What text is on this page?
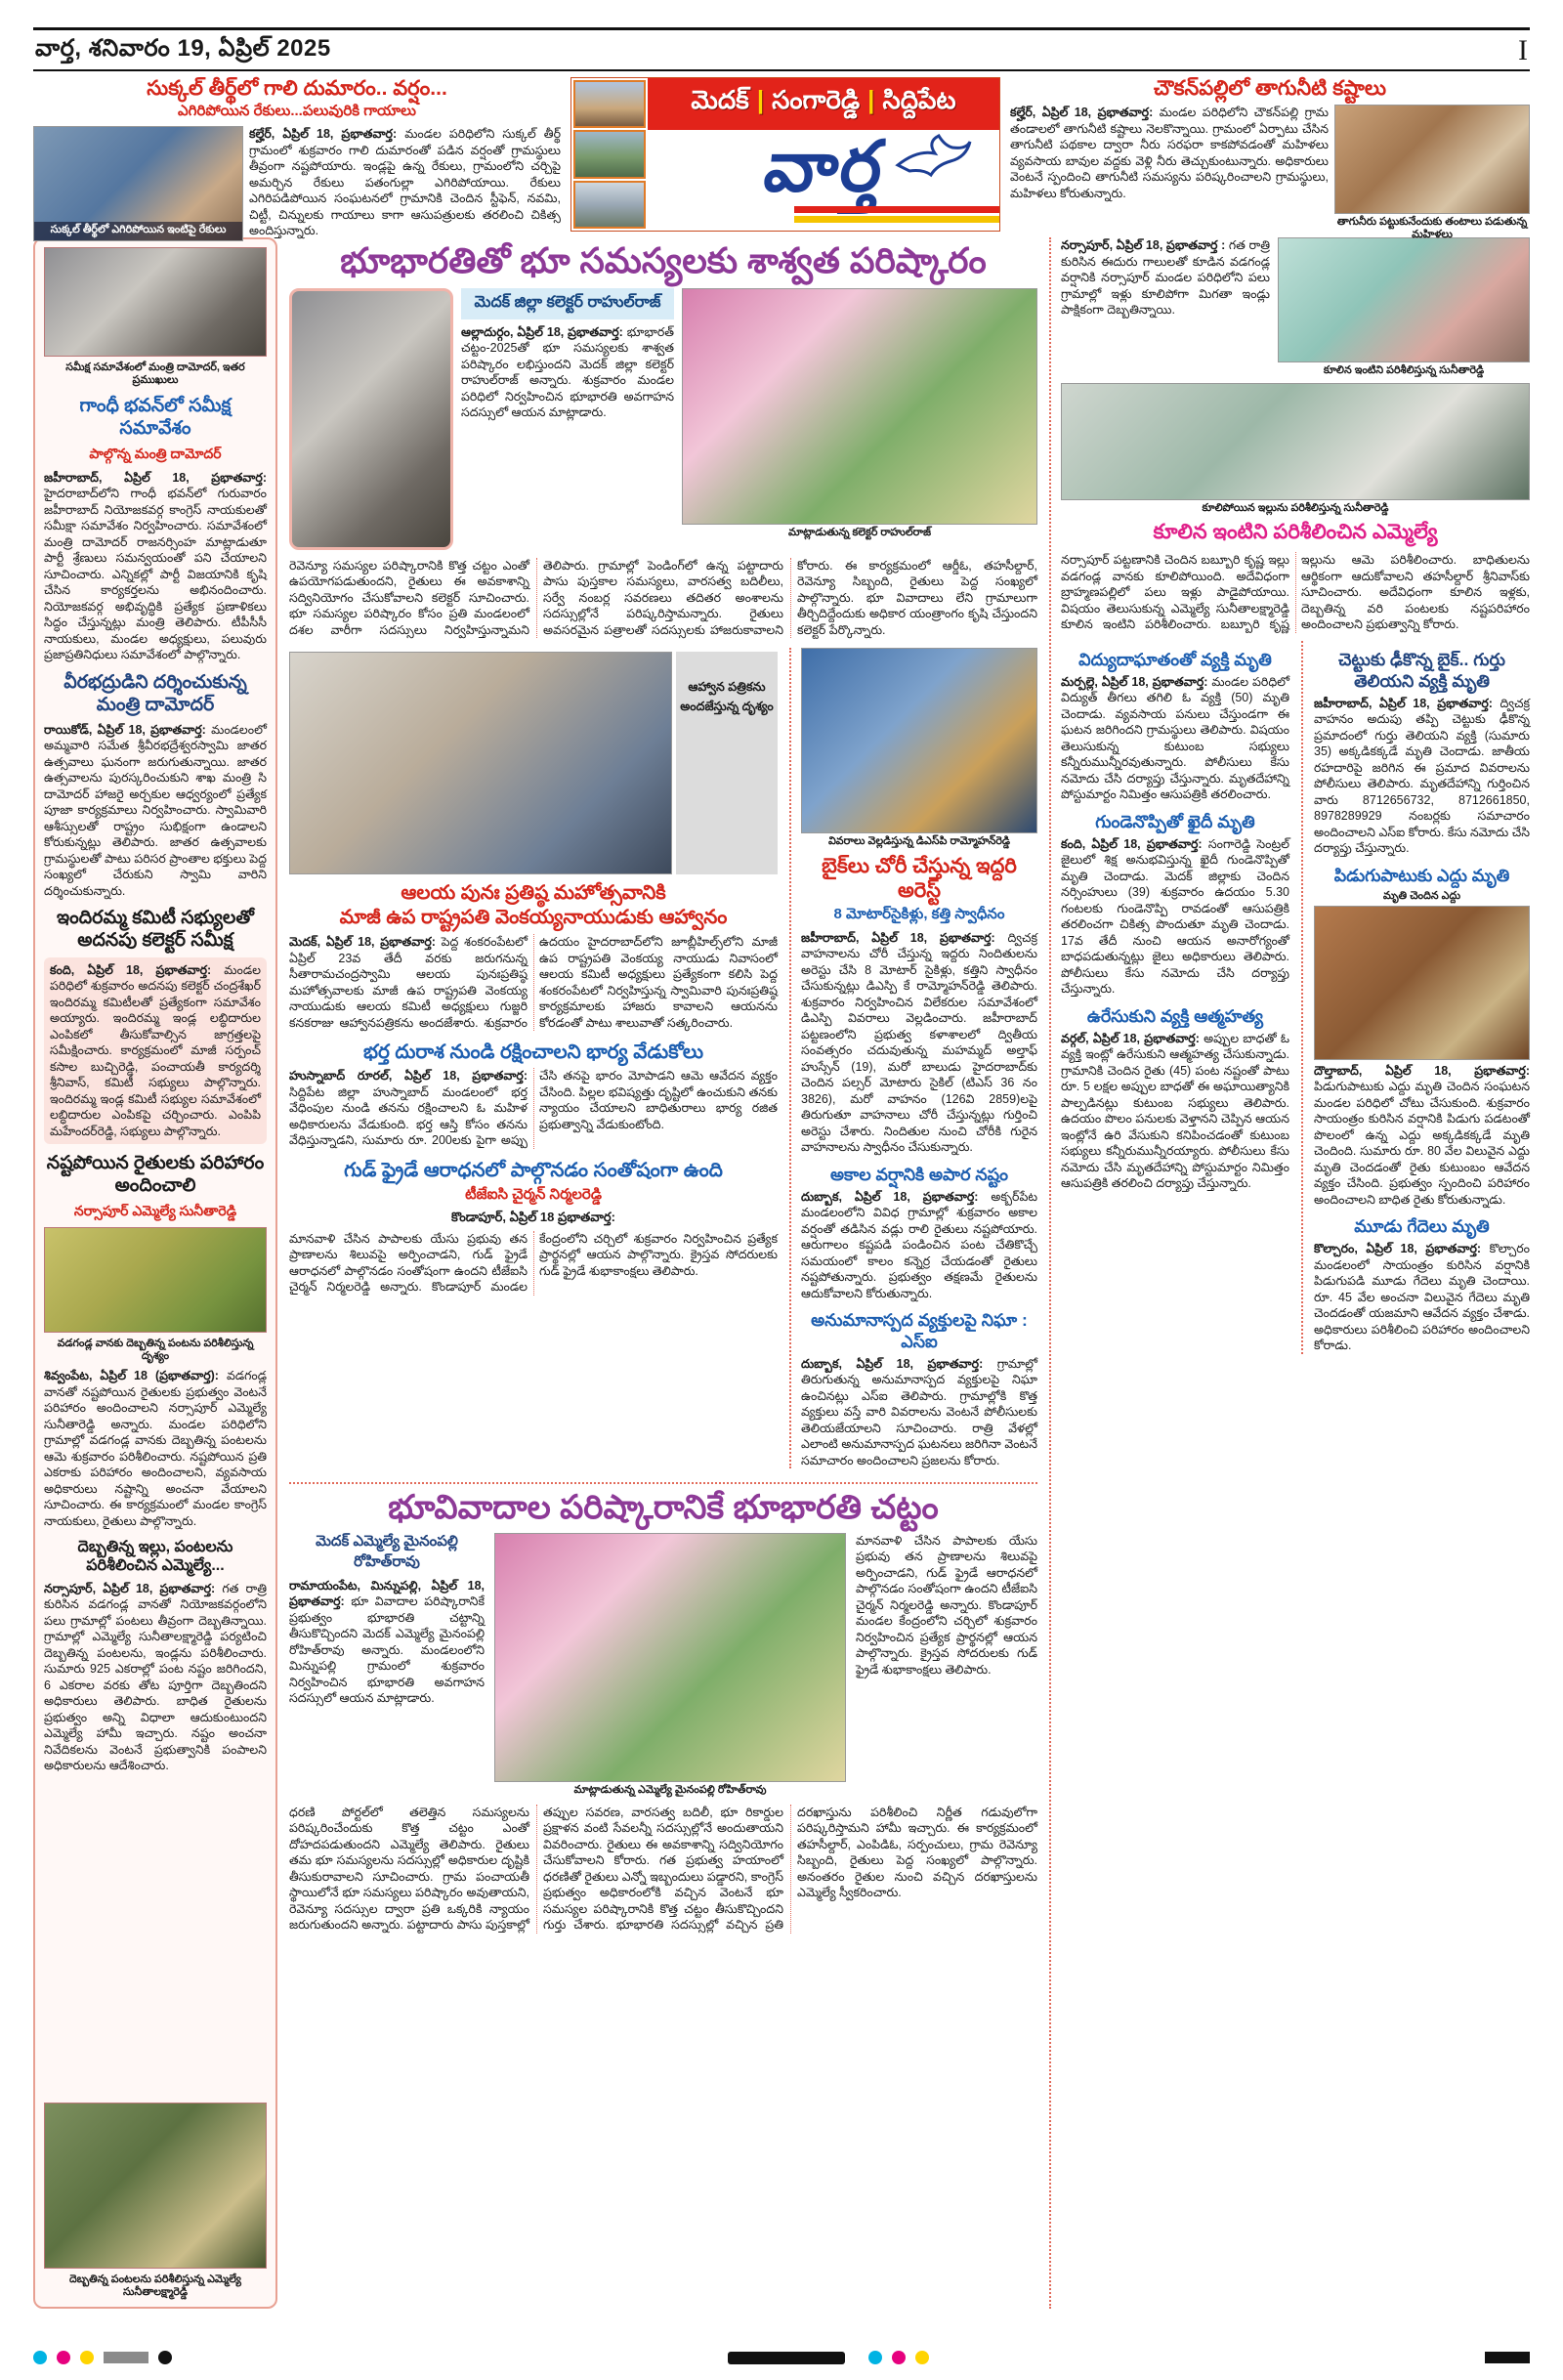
వార్త, శనివారం 19, ఏప్రిల్ 2025	I
సుక్కల్ తీర్థ్‌లో గాలి దుమారం.. వర్షం...
ఎగిరిపోయిన రేకులు...పలువురికి గాయాలు
సుక్కల్ తీర్థ్‌లో ఎగిరిపోయిన ఇంటిపై రేకులు
కల్హేర్, ఏప్రిల్ 18, ప్రభాతవార్త: మండల పరిధిలోని సుక్కల్ తీర్థ్ గ్రామంలో శుక్రవారం గాలి దుమారంతో పడిన వర్షంతో గ్రామస్థులు తీవ్రంగా నష్టపోయారు. ఇండ్లపై ఉన్న రేకులు, గ్రామంలోని చర్చిపై అమర్చిన రేకులు పతంగుల్లా ఎగిరిపోయాయి. రేకులు ఎగిరిపడిపోయిన సంఘటనలో గ్రామానికి చెందిన స్టీఫెన్, నవమి, చిట్టీ, చిన్నులకు గాయాలు కాగా ఆసుపత్రులకు తరలించి చికిత్స అందిస్తున్నారు.
మెదక్ | సంగారెడ్డి | సిద్దిపేట
వార్త
చౌకన్‌పల్లిలో తాగునీటి కష్టాలు
కల్హేర్, ఏప్రిల్ 18, ప్రభాతవార్త: మండల పరిధిలోని చౌకన్‌పల్లి గ్రామ తండాలలో తాగునీటి కష్టాలు నెలకొన్నాయి. గ్రామంలో ఏర్పాటు చేసిన తాగునీటి పథకాల ద్వారా నీరు సరఫరా కాకపోవడంతో మహిళలు వ్యవసాయ బావుల వద్దకు వెళ్లి నీరు తెచ్చుకుంటున్నారు. అధికారులు వెంటనే స్పందించి తాగునీటి సమస్యను పరిష్కరించాలని గ్రామస్థులు, మహిళలు కోరుతున్నారు.
తాగునీరు పట్టుకునేందుకు తంటాలు పడుతున్న మహిళలు
సమీక్ష సమావేశంలో మంత్రి దామోదర్, ఇతర ప్రముఖులు
గాంధీ భవన్‌లో సమీక్ష సమావేశం
పాల్గొన్న మంత్రి దామోదర్
జహీరాబాద్, ఏప్రిల్ 18, ప్రభాతవార్త: హైదరాబాద్‌లోని గాంధీ భవన్‌లో గురువారం జహీరాబాద్ నియోజకవర్గ కాంగ్రెస్ నాయకులతో సమీక్షా సమావేశం నిర్వహించారు. సమావేశంలో మంత్రి దామోదర్ రాజనర్సింహ మాట్లాడుతూ పార్టీ శ్రేణులు సమన్వయంతో పని చేయాలని సూచించారు. ఎన్నికల్లో పార్టీ విజయానికి కృషి చేసిన కార్యకర్తలను అభినందించారు. నియోజకవర్గ అభివృద్ధికి ప్రత్యేక ప్రణాళికలు సిద్ధం చేస్తున్నట్లు మంత్రి తెలిపారు. టీపీసీసీ నాయకులు, మండల అధ్యక్షులు, పలువురు ప్రజాప్రతినిధులు సమావేశంలో పాల్గొన్నారు.
వీరభద్రుడిని దర్శించుకున్న మంత్రి దామోదర్
రాయికోడ్, ఏప్రిల్ 18, ప్రభాతవార్త: మండలంలో అమ్మవారి సమేత శ్రీవీరభద్రేశ్వరస్వామి జాతర ఉత్సవాలు ఘనంగా జరుగుతున్నాయి. జాతర ఉత్సవాలను పురస్కరించుకుని శాఖ మంత్రి సి దామోదర్ హాజరై అర్చకుల ఆధ్వర్యంలో ప్రత్యేక పూజా కార్యక్రమాలు నిర్వహించారు. స్వామివారి ఆశీస్సులతో రాష్ట్రం సుభిక్షంగా ఉండాలని కోరుకున్నట్లు తెలిపారు. జాతర ఉత్సవాలకు గ్రామస్థులతో పాటు పరిసర ప్రాంతాల భక్తులు పెద్ద సంఖ్యలో చేరుకుని స్వామి వారిని దర్శించుకున్నారు.
ఇందిరమ్మ కమిటీ సభ్యులతో అదనపు కలెక్టర్ సమీక్ష
కంది, ఏప్రిల్ 18, ప్రభాతవార్త: మండల పరిధిలో శుక్రవారం అదనపు కలెక్టర్ చంద్రశేఖర్ ఇందిరమ్మ కమిటీలతో ప్రత్యేకంగా సమావేశం అయ్యారు. ఇందిరమ్మ ఇండ్ల లబ్ధిదారుల ఎంపికలో తీసుకోవాల్సిన జాగ్రత్తలపై సమీక్షించారు. కార్యక్రమంలో మాజీ సర్పంచ్ కసాల బుచ్చిరెడ్డి, పంచాయతీ కార్యదర్శి శ్రీనివాస్, కమిటీ సభ్యులు పాల్గొన్నారు. ఇందిరమ్మ ఇండ్ల కమిటీ సభ్యుల సమావేశంలో లబ్ధిదారుల ఎంపికపై చర్చించారు. ఎంపిపి మహేందర్‌రెడ్డి, సభ్యులు పాల్గొన్నారు.
నష్టపోయిన రైతులకు పరిహారం అందించాలి
నర్సాపూర్ ఎమ్మెల్యే సునీతారెడ్డి
వడగండ్ల వానకు దెబ్బతిన్న పంటను పరిశీలిస్తున్న దృశ్యం
శివ్వంపేట, ఏప్రిల్ 18 (ప్రభాతవార్త): వడగండ్ల వానతో నష్టపోయిన రైతులకు ప్రభుత్వం వెంటనే పరిహారం అందించాలని నర్సాపూర్ ఎమ్మెల్యే సునీతారెడ్డి అన్నారు. మండల పరిధిలోని గ్రామాల్లో వడగండ్ల వానకు దెబ్బతిన్న పంటలను ఆమె శుక్రవారం పరిశీలించారు. నష్టపోయిన ప్రతి ఎకరాకు పరిహారం అందించాలని, వ్యవసాయ అధికారులు నష్టాన్ని అంచనా వేయాలని సూచించారు. ఈ కార్యక్రమంలో మండల కాంగ్రెస్ నాయకులు, రైతులు పాల్గొన్నారు.
దెబ్బతిన్న ఇల్లు, పంటలను పరిశీలించిన ఎమ్మెల్యే...
నర్సాపూర్, ఏప్రిల్ 18, ప్రభాతవార్త: గత రాత్రి కురిసిన వడగండ్ల వానతో నియోజకవర్గంలోని పలు గ్రామాల్లో పంటలు తీవ్రంగా దెబ్బతిన్నాయి. గ్రామాల్లో ఎమ్మెల్యే సునీతాలక్ష్మారెడ్డి పర్యటించి దెబ్బతిన్న పంటలను, ఇండ్లను పరిశీలించారు. సుమారు 925 ఎకరాల్లో పంట నష్టం జరిగిందని, 6 ఎకరాల వరకు తోట పూర్తిగా దెబ్బతిందని అధికారులు తెలిపారు. బాధిత రైతులను ప్రభుత్వం అన్ని విధాలా ఆదుకుంటుందని ఎమ్మెల్యే హామీ ఇచ్చారు. నష్టం అంచనా నివేదికలను వెంటనే ప్రభుత్వానికి పంపాలని అధికారులను ఆదేశించారు.
దెబ్బతిన్న పంటలను పరిశీలిస్తున్న ఎమ్మెల్యే సునీతాలక్ష్మారెడ్డి
భూభారతితో భూ సమస్యలకు శాశ్వత పరిష్కారం
మెదక్ జిల్లా కలెక్టర్ రాహుల్‌రాజ్
ఆల్లాదుర్గం, ఏప్రిల్ 18, ప్రభాతవార్త: భూభారత్ చట్టం-2025తో భూ సమస్యలకు శాశ్వత పరిష్కారం లభిస్తుందని మెదక్ జిల్లా కలెక్టర్ రాహుల్‌రాజ్ అన్నారు. శుక్రవారం మండల పరిధిలో నిర్వహించిన భూభారతి అవగాహన సదస్సులో ఆయన మాట్లాడారు.
మాట్లాడుతున్న కలెక్టర్ రాహుల్‌రాజ్
రెవెన్యూ సమస్యల పరిష్కారానికి కొత్త చట్టం ఎంతో ఉపయోగపడుతుందని, రైతులు ఈ అవకాశాన్ని సద్వినియోగం చేసుకోవాలని కలెక్టర్ సూచించారు. భూ సమస్యల పరిష్కారం కోసం ప్రతి మండలంలో దశల వారీగా సదస్సులు నిర్వహిస్తున్నామని తెలిపారు. గ్రామాల్లో పెండింగ్‌లో ఉన్న పట్టాదారు పాసు పుస్తకాల సమస్యలు, వారసత్వ బదిలీలు, సర్వే నంబర్ల సవరణలు తదితర అంశాలను సదస్సుల్లోనే పరిష్కరిస్తామన్నారు. రైతులు అవసరమైన పత్రాలతో సదస్సులకు హాజరుకావాలని కోరారు. ఈ కార్యక్రమంలో ఆర్డీఓ, తహసీల్దార్, రెవెన్యూ సిబ్బంది, రైతులు పెద్ద సంఖ్యలో పాల్గొన్నారు. భూ వివాదాలు లేని గ్రామాలుగా తీర్చిదిద్దేందుకు అధికార యంత్రాంగం కృషి చేస్తుందని కలెక్టర్ పేర్కొన్నారు.
ఆహ్వాన పత్రికను అందజేస్తున్న దృశ్యం
ఆలయ పునః ప్రతిష్ఠ మహోత్సవానికి
మాజీ ఉప రాష్ట్రపతి వెంకయ్యనాయుడుకు ఆహ్వానం
మెదక్, ఏప్రిల్ 18, ప్రభాతవార్త: పెద్ద శంకరంపేటలో ఏప్రిల్ 23వ తేదీ వరకు జరుగనున్న సీతారామచంద్రస్వామి ఆలయ పునఃప్రతిష్ఠ మహోత్సవాలకు మాజీ ఉప రాష్ట్రపతి వెంకయ్య నాయుడుకు ఆలయ కమిటీ అధ్యక్షులు గుజ్జరి కనకరాజు ఆహ్వానపత్రికను అందజేశారు. శుక్రవారం ఉదయం హైదరాబాద్‌లోని జూబ్లీహిల్స్‌లోని మాజీ ఉప రాష్ట్రపతి వెంకయ్య నాయుడు నివాసంలో ఆలయ కమిటీ అధ్యక్షులు ప్రత్యేకంగా కలిసి పెద్ద శంకరంపేటలో నిర్వహిస్తున్న స్వామివారి పునఃప్రతిష్ఠ కార్యక్రమాలకు హాజరు కావాలని ఆయనను కోరడంతో పాటు శాలువాతో సత్కరించారు.
భర్త దురాశ నుండి రక్షించాలని భార్య వేడుకోలు
హుస్నాబాద్ రూరల్, ఏప్రిల్ 18, ప్రభాతవార్త: సిద్దిపేట జిల్లా హుస్నాబాద్ మండలంలో భర్త వేధింపుల నుండి తనను రక్షించాలని ఓ మహిళ అధికారులను వేడుకుంది. భర్త ఆస్తి కోసం తనను వేధిస్తున్నాడని, సుమారు రూ. 200లకు పైగా అప్పు చేసి తనపై భారం మోపాడని ఆమె ఆవేదన వ్యక్తం చేసింది. పిల్లల భవిష్యత్తు దృష్టిలో ఉంచుకుని తనకు న్యాయం చేయాలని బాధితురాలు భార్య రజిత ప్రభుత్వాన్ని వేడుకుంటోంది.
గుడ్ ఫ్రైడే ఆరాధనలో పాల్గొనడం సంతోషంగా ఉంది
టీజేఐసి చైర్మన్ నిర్మలరెడ్డి
కొండాపూర్, ఏప్రిల్ 18 ప్రభాతవార్త:
మానవాళి చేసిన పాపాలకు యేసు ప్రభువు తన ప్రాణాలను శిలువపై అర్పించాడని, గుడ్ ఫ్రైడే ఆరాధనలో పాల్గొనడం సంతోషంగా ఉందని టీజేఐసి చైర్మన్ నిర్మలరెడ్డి అన్నారు. కొండాపూర్ మండల కేంద్రంలోని చర్చిలో శుక్రవారం నిర్వహించిన ప్రత్యేక ప్రార్థనల్లో ఆయన పాల్గొన్నారు. క్రైస్తవ సోదరులకు గుడ్ ఫ్రైడే శుభాకాంక్షలు తెలిపారు.
వివరాలు వెల్లడిస్తున్న డిఎస్‌పి రామ్మోహన్‌రెడ్డి
బైక్‌లు చోరీ చేస్తున్న ఇద్దరి అరెస్ట్
8 మోటార్‌సైకిళ్లు, కత్తి స్వాధీనం
జహీరాబాద్, ఏప్రిల్ 18, ప్రభాతవార్త: ద్విచక్ర వాహనాలను చోరీ చేస్తున్న ఇద్దరు నిందితులను అరెస్టు చేసి 8 మోటార్ సైకిళ్లు, కత్తిని స్వాధీనం చేసుకున్నట్లు డిఎస్పి కే రామ్మోహన్‌రెడ్డి తెలిపారు. శుక్రవారం నిర్వహించిన విలేకరుల సమావేశంలో డిఎస్పి వివరాలు వెల్లడించారు. జహీరాబాద్ పట్టణంలోని ప్రభుత్వ కళాశాలలో ద్వితీయ సంవత్సరం చదువుతున్న మహమ్మద్ అల్తాఫ్ హుస్సేన్ (19), మరో బాలుడు హైదరాబాద్‌కు చెందిన పల్సర్ మోటారు సైకిల్ (టిఎస్ 36 నం 3826), మరో వాహనం (126వి 2859)లపై తిరుగుతూ వాహనాలు చోరీ చేస్తున్నట్లు గుర్తించి అరెస్టు చేశారు. నిందితుల నుంచి చోరీకి గురైన వాహనాలను స్వాధీనం చేసుకున్నారు.
అకాల వర్షానికి అపార నష్టం
దుబ్బాక, ఏప్రిల్ 18, ప్రభాతవార్త: అక్బర్‌పేట మండలంలోని వివిధ గ్రామాల్లో శుక్రవారం అకాల వర్షంతో తడిసిన వడ్లు రాలి రైతులు నష్టపోయారు. ఆరుగాలం కష్టపడి పండించిన పంట చేతికొచ్చే సమయంలో కాలం కన్నెర్ర చేయడంతో రైతులు నష్టపోతున్నారు. ప్రభుత్వం తక్షణమే రైతులను ఆదుకోవాలని కోరుతున్నారు.
అనుమానాస్పద వ్యక్తులపై నిఘా : ఎస్ఐ
దుబ్బాక, ఏప్రిల్ 18, ప్రభాతవార్త: గ్రామాల్లో తిరుగుతున్న అనుమానాస్పద వ్యక్తులపై నిఘా ఉంచినట్లు ఎస్ఐ తెలిపారు. గ్రామాల్లోకి కొత్త వ్యక్తులు వస్తే వారి వివరాలను వెంటనే పోలీసులకు తెలియజేయాలని సూచించారు. రాత్రి వేళల్లో ఎలాంటి అనుమానాస్పద ఘటనలు జరిగినా వెంటనే సమాచారం అందించాలని ప్రజలను కోరారు.
భూవివాదాల పరిష్కారానికే భూభారతి చట్టం
మెదక్ ఎమ్మెల్యే మైనంపల్లి రోహిత్‌రావు
రామాయంపేట, మిన్నుపల్లి, ఏప్రిల్ 18, ప్రభాతవార్త: భూ వివాదాల పరిష్కారానికే ప్రభుత్వం భూభారతి చట్టాన్ని తీసుకొచ్చిందని మెదక్ ఎమ్మెల్యే మైనంపల్లి రోహిత్‌రావు అన్నారు. మండలంలోని మిన్నుపల్లి గ్రామంలో శుక్రవారం నిర్వహించిన భూభారతి అవగాహన సదస్సులో ఆయన మాట్లాడారు.
మాట్లాడుతున్న ఎమ్మెల్యే మైనంపల్లి రోహిత్‌రావు
మానవాళి చేసిన పాపాలకు యేసు ప్రభువు తన ప్రాణాలను శిలువపై అర్పించాడని, గుడ్ ఫ్రైడే ఆరాధనలో పాల్గొనడం సంతోషంగా ఉందని టీజేఐసి చైర్మన్ నిర్మలరెడ్డి అన్నారు. కొండాపూర్ మండల కేంద్రంలోని చర్చిలో శుక్రవారం నిర్వహించిన ప్రత్యేక ప్రార్థనల్లో ఆయన పాల్గొన్నారు. క్రైస్తవ సోదరులకు గుడ్ ఫ్రైడే శుభాకాంక్షలు తెలిపారు.
ధరణి పోర్టల్‌లో తలెత్తిన సమస్యలను పరిష్కరించేందుకు కొత్త చట్టం ఎంతో దోహదపడుతుందని ఎమ్మెల్యే తెలిపారు. రైతులు తమ భూ సమస్యలను సదస్సుల్లో అధికారుల దృష్టికి తీసుకురావాలని సూచించారు. గ్రామ పంచాయతీ స్థాయిలోనే భూ సమస్యలు పరిష్కారం అవుతాయని, రెవెన్యూ సదస్సుల ద్వారా ప్రతి ఒక్కరికి న్యాయం జరుగుతుందని అన్నారు. పట్టాదారు పాసు పుస్తకాల్లో తప్పుల సవరణ, వారసత్వ బదిలీ, భూ రికార్డుల ప్రక్షాళన వంటి సేవలన్నీ సదస్సుల్లోనే అందుతాయని వివరించారు. రైతులు ఈ అవకాశాన్ని సద్వినియోగం చేసుకోవాలని కోరారు. గత ప్రభుత్వ హయాంలో ధరణితో రైతులు ఎన్నో ఇబ్బందులు పడ్డారని, కాంగ్రెస్ ప్రభుత్వం అధికారంలోకి వచ్చిన వెంటనే భూ సమస్యల పరిష్కారానికి కొత్త చట్టం తీసుకొచ్చిందని గుర్తు చేశారు. భూభారతి సదస్సుల్లో వచ్చిన ప్రతి దరఖాస్తును పరిశీలించి నిర్ణీత గడువులోగా పరిష్కరిస్తామని హామీ ఇచ్చారు. ఈ కార్యక్రమంలో తహసీల్దార్, ఎంపిడిఓ, సర్పంచులు, గ్రామ రెవెన్యూ సిబ్బంది, రైతులు పెద్ద సంఖ్యలో పాల్గొన్నారు. అనంతరం రైతుల నుంచి వచ్చిన దరఖాస్తులను ఎమ్మెల్యే స్వీకరించారు.
నర్సాపూర్, ఏప్రిల్ 18, ప్రభాతవార్త : గత రాత్రి కురిసిన ఈదురు గాలులతో కూడిన వడగండ్ల వర్షానికి నర్సాపూర్ మండల పరిధిలోని పలు గ్రామాల్లో ఇళ్లు కూలిపోగా మిగతా ఇండ్లు పాక్షికంగా దెబ్బతిన్నాయి.
కూలిన ఇంటిని పరిశీలిస్తున్న సునీతారెడ్డి
కూలిపోయిన ఇల్లును పరిశీలిస్తున్న సునీతారెడ్డి
కూలిన ఇంటిని పరిశీలించిన ఎమ్మెల్యే
నర్సాపూర్ పట్టణానికి చెందిన బబ్బూరి కృష్ణ ఇల్లు వడగండ్ల వానకు కూలిపోయింది. అదేవిధంగా బ్రాహ్మణపల్లిలో పలు ఇళ్లు పాడైపోయాయి. విషయం తెలుసుకున్న ఎమ్మెల్యే సునీతాలక్ష్మారెడ్డి కూలిన ఇంటిని పరిశీలించారు. బబ్బూరి కృష్ణ ఇల్లును ఆమె పరిశీలించారు. బాధితులను ఆర్థికంగా ఆదుకోవాలని తహసీల్దార్ శ్రీనివాస్‌కు సూచించారు. అదేవిధంగా కూలిన ఇళ్లకు, దెబ్బతిన్న వరి పంటలకు నష్టపరిహారం అందించాలని ప్రభుత్వాన్ని కోరారు.
విద్యుదాఘాతంతో వ్యక్తి మృతి
మర్పల్లె, ఏప్రిల్ 18, ప్రభాతవార్త: మండల పరిధిలో విద్యుత్ తీగలు తగిలి ఓ వ్యక్తి (50) మృతి చెందాడు. వ్యవసాయ పనులు చేస్తుండగా ఈ ఘటన జరిగిందని గ్రామస్థులు తెలిపారు. విషయం తెలుసుకున్న కుటుంబ సభ్యులు కన్నీరుమున్నీరవుతున్నారు. పోలీసులు కేసు నమోదు చేసి దర్యాప్తు చేస్తున్నారు. మృతదేహాన్ని పోస్టుమార్టం నిమిత్తం ఆసుపత్రికి తరలించారు.
గుండెనొప్పితో ఖైదీ మృతి
కంది, ఏప్రిల్ 18, ప్రభాతవార్త: సంగారెడ్డి సెంట్రల్ జైలులో శిక్ష అనుభవిస్తున్న ఖైదీ గుండెనొప్పితో మృతి చెందాడు. మెదక్ జిల్లాకు చెందిన నర్సింహులు (39) శుక్రవారం ఉదయం 5.30 గంటలకు గుండెనొప్పి రావడంతో ఆసుపత్రికి తరలించగా చికిత్స పొందుతూ మృతి చెందాడు. 17వ తేదీ నుంచి ఆయన అనారోగ్యంతో బాధపడుతున్నట్లు జైలు అధికారులు తెలిపారు. పోలీసులు కేసు నమోదు చేసి దర్యాప్తు చేస్తున్నారు.
ఉరేసుకుని వ్యక్తి ఆత్మహత్య
వర్గల్, ఏప్రిల్ 18, ప్రభాతవార్త: అప్పుల బాధతో ఓ వ్యక్తి ఇంట్లో ఉరేసుకుని ఆత్మహత్య చేసుకున్నాడు. గ్రామానికి చెందిన రైతు (45) పంట నష్టంతో పాటు రూ. 5 లక్షల అప్పుల బాధతో ఈ అఘాయిత్యానికి పాల్పడినట్లు కుటుంబ సభ్యులు తెలిపారు. ఉదయం పొలం పనులకు వెళ్తానని చెప్పిన ఆయన ఇంట్లోనే ఉరి వేసుకుని కనిపించడంతో కుటుంబ సభ్యులు కన్నీరుమున్నీరయ్యారు. పోలీసులు కేసు నమోదు చేసి మృతదేహాన్ని పోస్టుమార్టం నిమిత్తం ఆసుపత్రికి తరలించి దర్యాప్తు చేస్తున్నారు.
చెట్టుకు ఢీకొన్న బైక్.. గుర్తు తెలియని వ్యక్తి మృతి
జహీరాబాద్, ఏప్రిల్ 18, ప్రభాతవార్త: ద్విచక్ర వాహనం అదుపు తప్పి చెట్టుకు ఢీకొన్న ప్రమాదంలో గుర్తు తెలియని వ్యక్తి (సుమారు 35) అక్కడికక్కడే మృతి చెందాడు. జాతీయ రహదారిపై జరిగిన ఈ ప్రమాద వివరాలను పోలీసులు తెలిపారు. మృతదేహాన్ని గుర్తించిన వారు 8712656732, 8712661850, 8978289929 నంబర్లకు సమాచారం అందించాలని ఎస్ఐ కోరారు. కేసు నమోదు చేసి దర్యాప్తు చేస్తున్నారు.
పిడుగుపాటుకు ఎద్దు మృతి
మృతి చెందిన ఎద్దు
దౌల్తాబాద్, ఏప్రిల్ 18, ప్రభాతవార్త: పిడుగుపాటుకు ఎద్దు మృతి చెందిన సంఘటన మండల పరిధిలో చోటు చేసుకుంది. శుక్రవారం సాయంత్రం కురిసిన వర్షానికి పిడుగు పడటంతో పొలంలో ఉన్న ఎద్దు అక్కడికక్కడే మృతి చెందింది. సుమారు రూ. 80 వేల విలువైన ఎద్దు మృతి చెందడంతో రైతు కుటుంబం ఆవేదన వ్యక్తం చేసింది. ప్రభుత్వం స్పందించి పరిహారం అందించాలని బాధిత రైతు కోరుతున్నాడు.
మూడు గేదెలు మృతి
కొల్చారం, ఏప్రిల్ 18, ప్రభాతవార్త: కొల్చారం మండలంలో సాయంత్రం కురిసిన వర్షానికి పిడుగుపడి మూడు గేదెలు మృతి చెందాయి. రూ. 45 వేల అంచనా విలువైన గేదెలు మృతి చెందడంతో యజమాని ఆవేదన వ్యక్తం చేశాడు. అధికారులు పరిశీలించి పరిహారం అందించాలని కోరాడు.
